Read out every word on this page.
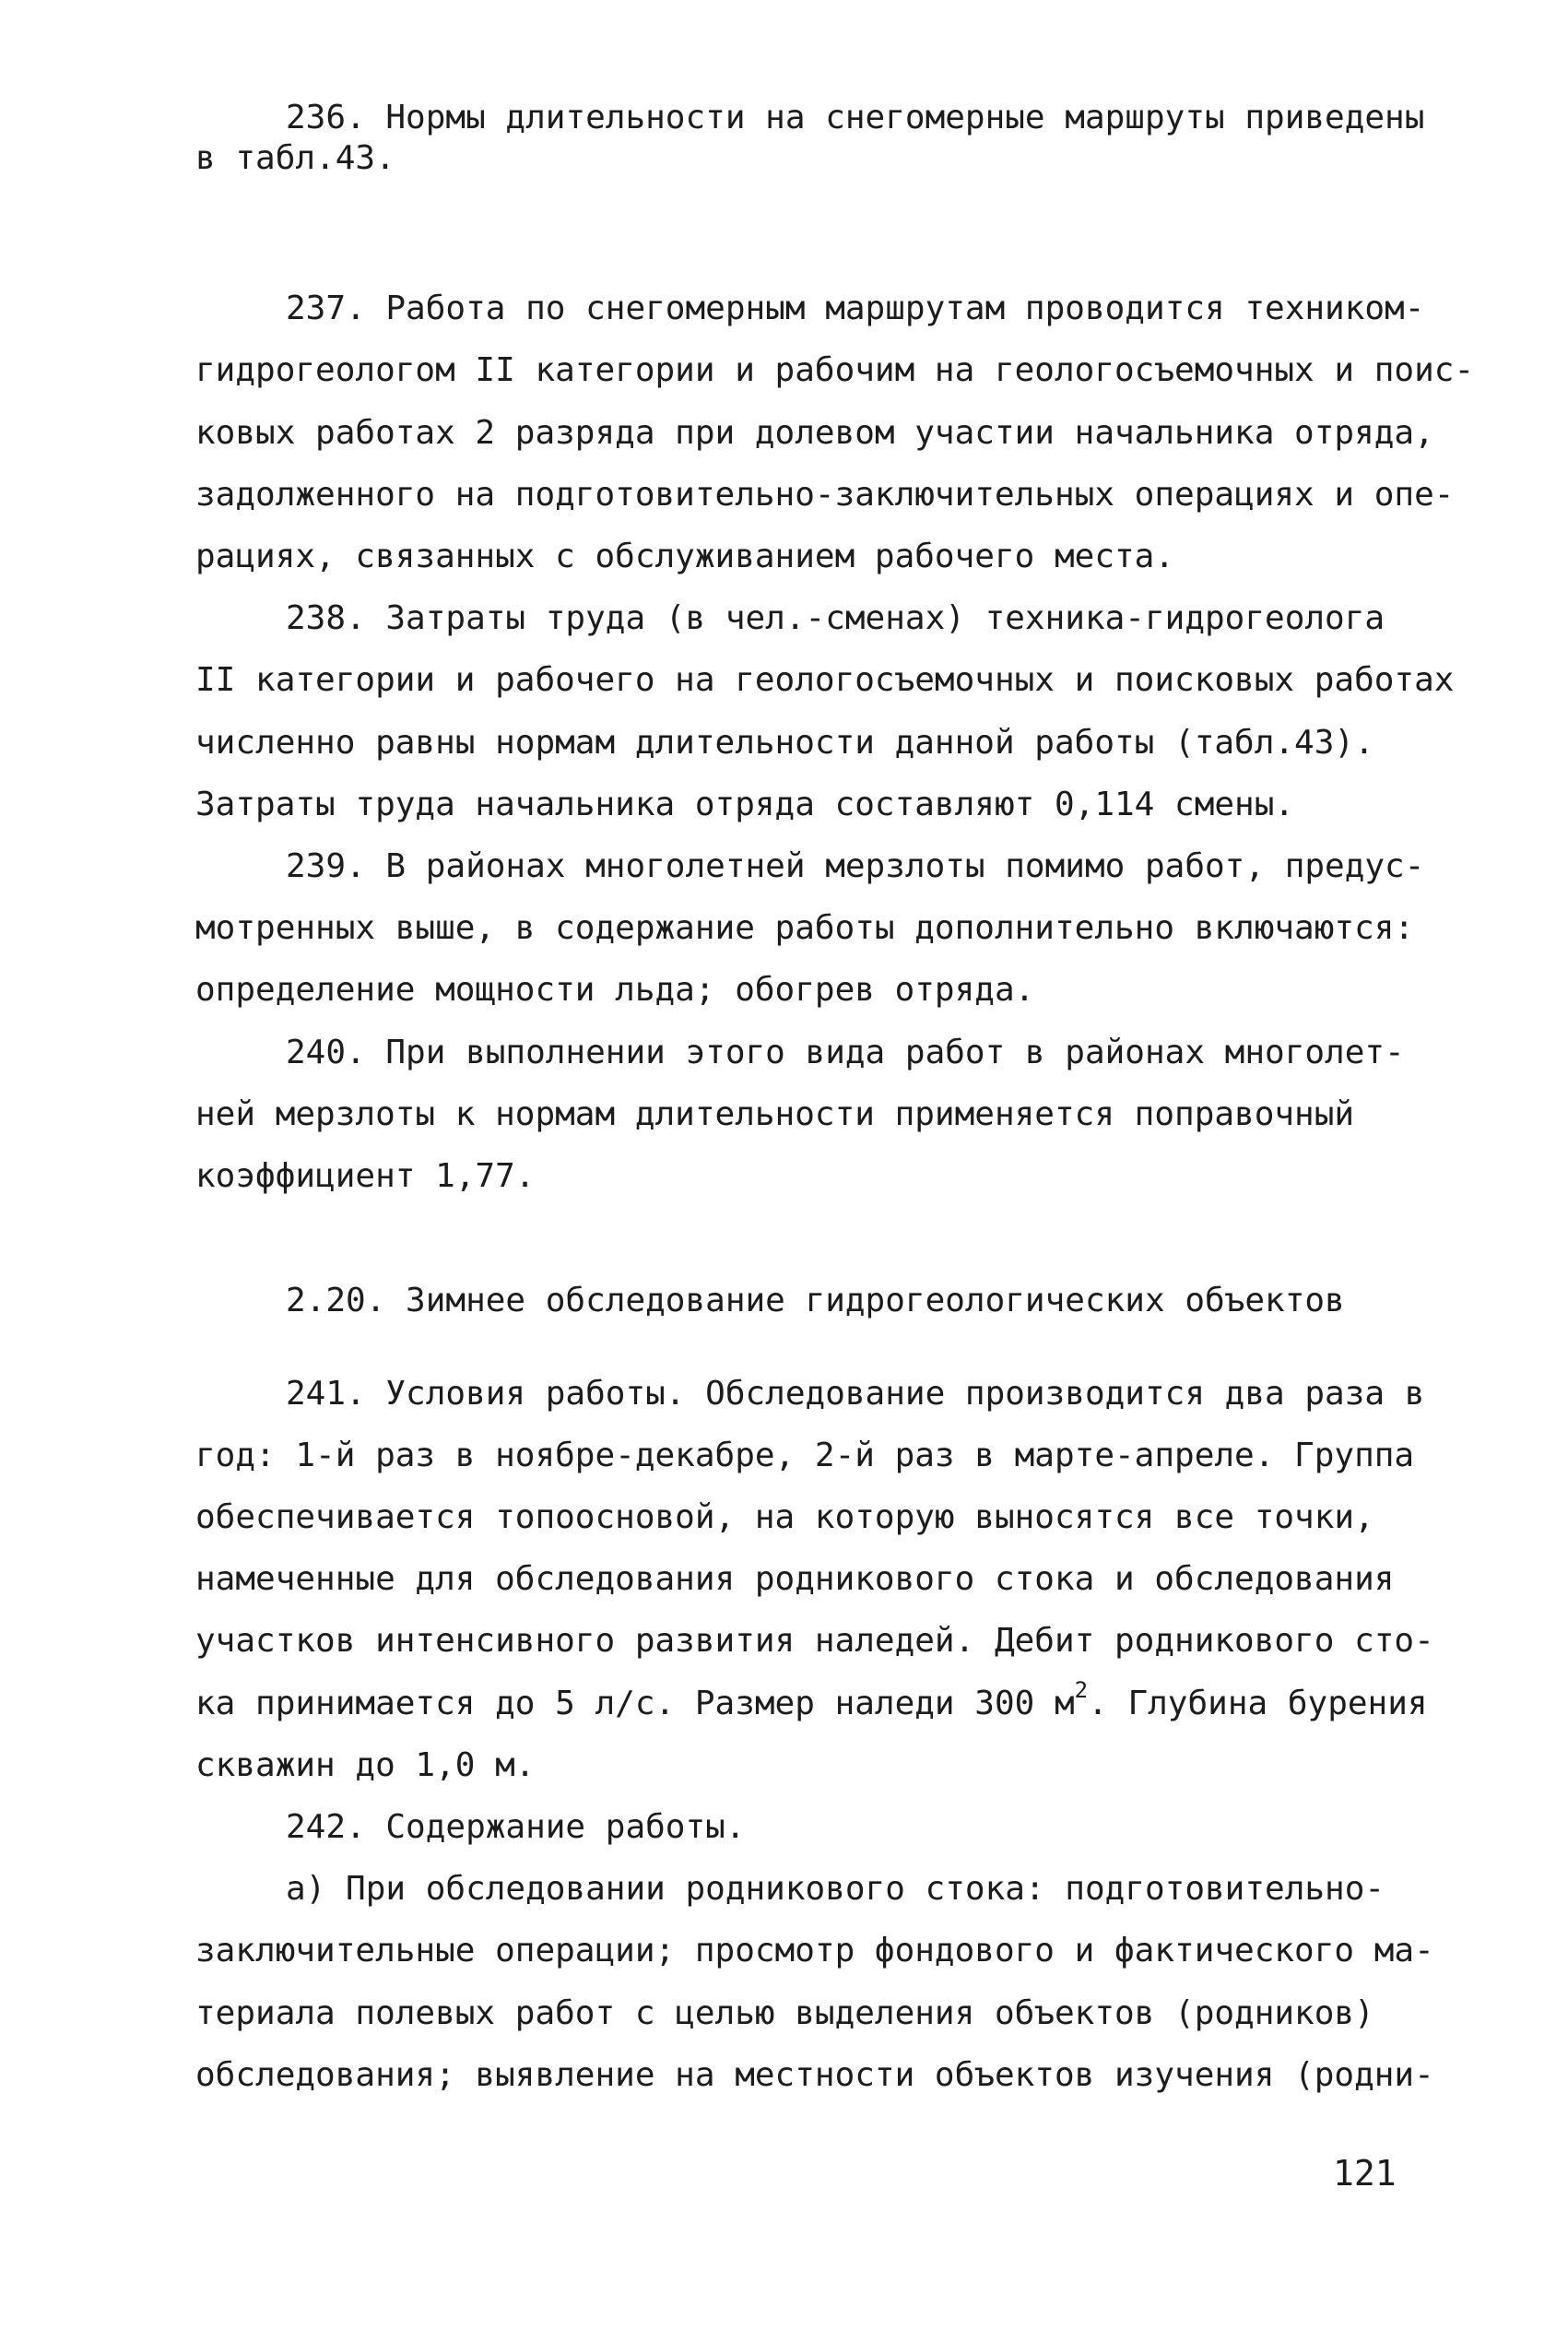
236. Нормы длительности на снегомерные маршруты приведены

в табл.43.

237. Работа по снегомерным маршрутам проводится техником-

гидрогеологом II категории и рабочим на геологосъемочных и поис-

ковых работах 2 разряда при долевом участии начальника отряда,

задолженного на подготовительно-заключительных операциях и опе-

рациях, связанных с обслуживанием рабочего места.

238. Затраты труда (в чел.-сменах) техника-гидрогеолога

II категории и рабочего на геологосъемочных и поисковых работах

численно равны нормам длительности данной работы (табл.43).

Затраты труда начальника отряда составляют 0,114 смены.

239. В районах многолетней мерзлоты помимо работ, предус-

мотренных выше, в содержание работы дополнительно включаются:

определение мощности льда; обогрев отряда.

240. При выполнении этого вида работ в районах многолет-

ней мерзлоты к нормам длительности применяется поправочный

коэффициент 1,77.

2.20. Зимнее обследование гидрогеологических объектов

241. Условия работы. Обследование производится два раза в

год: 1-й раз в ноябре-декабре, 2-й раз в марте-апреле. Группа

обеспечивается топоосновой, на которую выносятся все точки,

намеченные для обследования родникового стока и обследования

участков интенсивного развития наледей. Дебит родникового сто-

ка принимается до 5 л/с. Размер наледи 300 $м^2$. Глубина бурения

скважин до 1,0 м.

242. Содержание работы.

а) При обследовании родникового стока: подготовительно-

заключительные операции; просмотр фондового и фактического ма-

териала полевых работ с целью выделения объектов (родников)

обследования; выявление на местности объектов изучения (родни-

121
